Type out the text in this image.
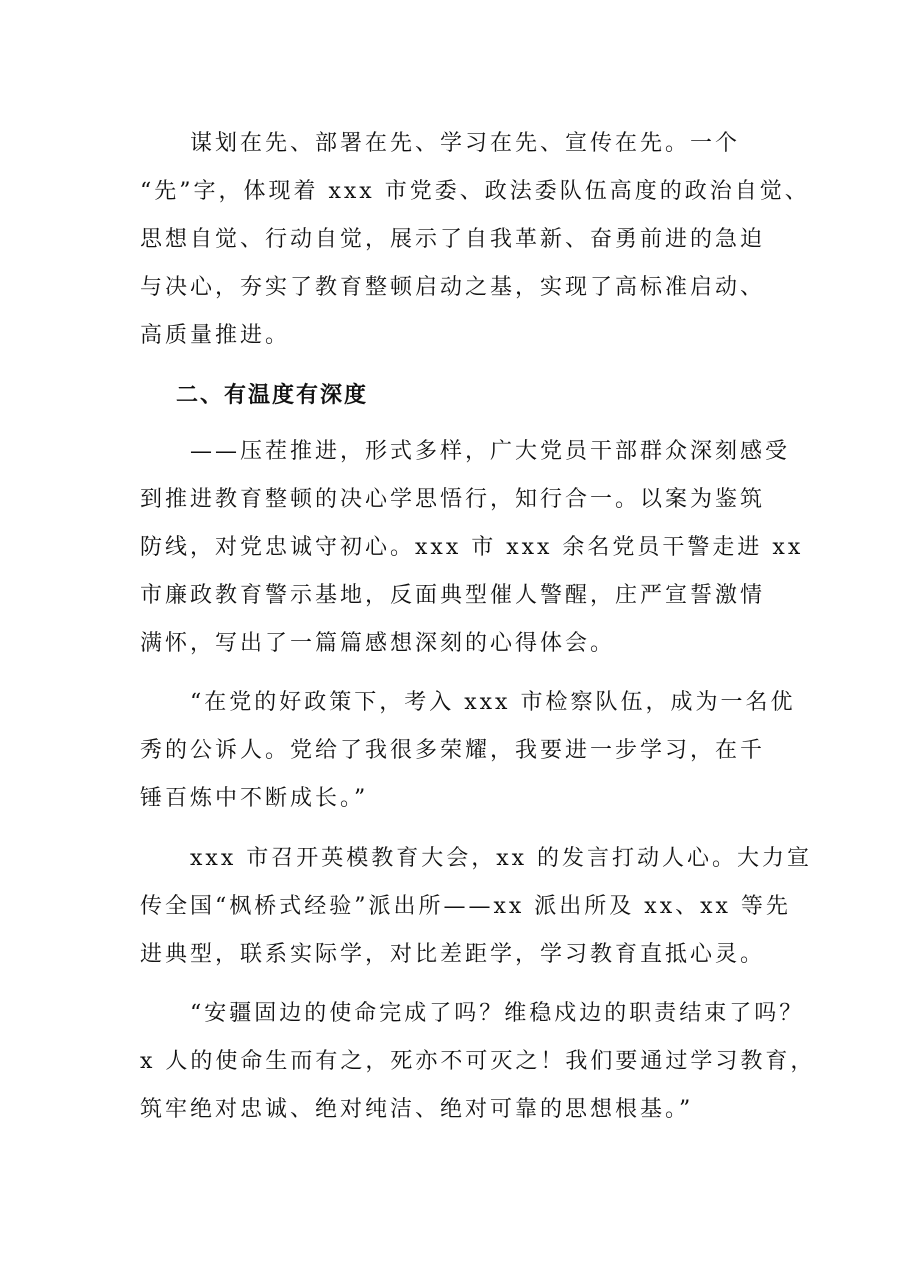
　　谋划在先、部署在先、学习在先、宣传在先。一个
“先”字，体现着 xxx 市党委、政法委队伍高度的政治自觉、
思想自觉、行动自觉，展示了自我革新、奋勇前进的急迫
与决心，夯实了教育整顿启动之基，实现了高标准启动、
高质量推进。

二、有温度有深度

　　——压茬推进，形式多样，广大党员干部群众深刻感受
到推进教育整顿的决心学思悟行，知行合一。以案为鉴筑
防线，对党忠诚守初心。xxx 市 xxx 余名党员干警走进 xx
市廉政教育警示基地，反面典型催人警醒，庄严宣誓激情
满怀，写出了一篇篇感想深刻的心得体会。

　　“在党的好政策下，考入 xxx 市检察队伍，成为一名优
秀的公诉人。党给了我很多荣耀，我要进一步学习，在千
锤百炼中不断成长。”

　　xxx 市召开英模教育大会，xx 的发言打动人心。大力宣
传全国“枫桥式经验”派出所——xx 派出所及 xx、xx 等先
进典型，联系实际学，对比差距学，学习教育直抵心灵。

　　“安疆固边的使命完成了吗？维稳戍边的职责结束了吗？
x 人的使命生而有之，死亦不可灭之！我们要通过学习教育，
筑牢绝对忠诚、绝对纯洁、绝对可靠的思想根基。”
